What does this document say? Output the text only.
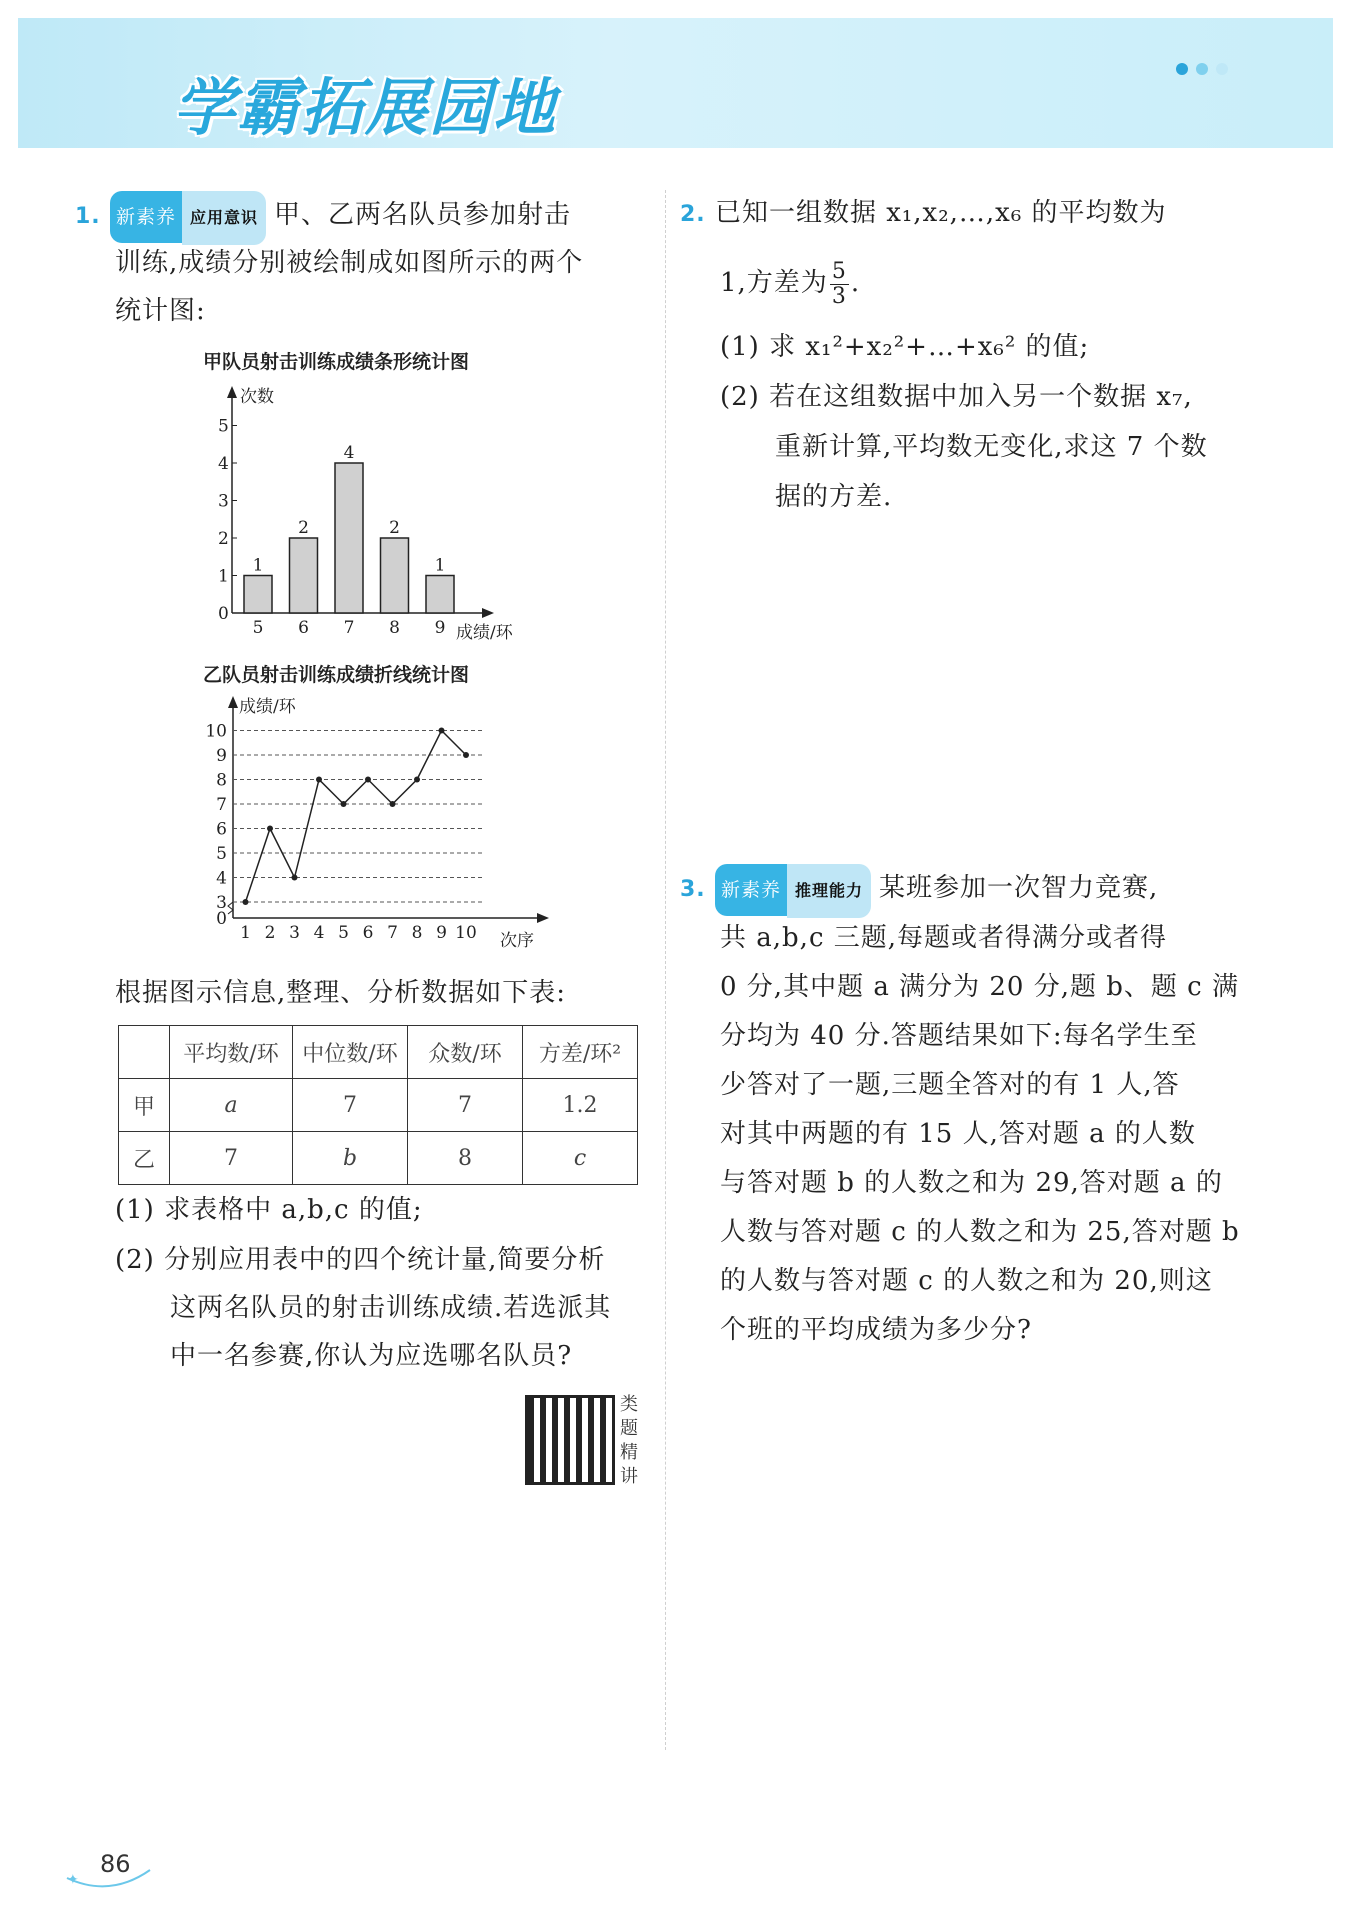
学霸拓展园地
1. 新素养 应用意识 甲、乙两名队员参加射击
训练,成绩分别被绘制成如图所示的两个
统计图:
甲队员射击训练成绩条形统计图
次数
成绩/环
0
1
2
3
4
5
1
5
2
6
4
7
2
8
1
9
乙队员射击训练成绩折线统计图
成绩/环
次序
0
3
4
5
6
7
8
9
10
1 2 3 4 5 6 7 8 9 10
根据图示信息,整理、分析数据如下表:
	平均数/环	中位数/环	众数/环	方差/环²
甲	a	7	7	1.2
乙	7	b	8	c
(1) 求表格中 a,b,c 的值;
(2) 分别应用表中的四个统计量,简要分析
这两名队员的射击训练成绩.若选派其
中一名参赛,你认为应选哪名队员?
类题精讲
2. 已知一组数据 x₁,x₂,…,x₆ 的平均数为
1,方差为 $\frac{5}{3}$ .
(1) 求 x₁²+x₂²+…+x₆² 的值;
(2) 若在这组数据中加入另一个数据 x₇,
重新计算,平均数无变化,求这 7 个数
据的方差.
3. 新素养 推理能力 某班参加一次智力竞赛,
共 a,b,c 三题,每题或者得满分或者得
0 分,其中题 a 满分为 20 分,题 b、题 c 满
分均为 40 分.答题结果如下:每名学生至
少答对了一题,三题全答对的有 1 人,答
对其中两题的有 15 人,答对题 a 的人数
与答对题 b 的人数之和为 29,答对题 a 的
人数与答对题 c 的人数之和为 25,答对题 b
的人数与答对题 c 的人数之和为 20,则这
个班的平均成绩为多少分?
86
✦
